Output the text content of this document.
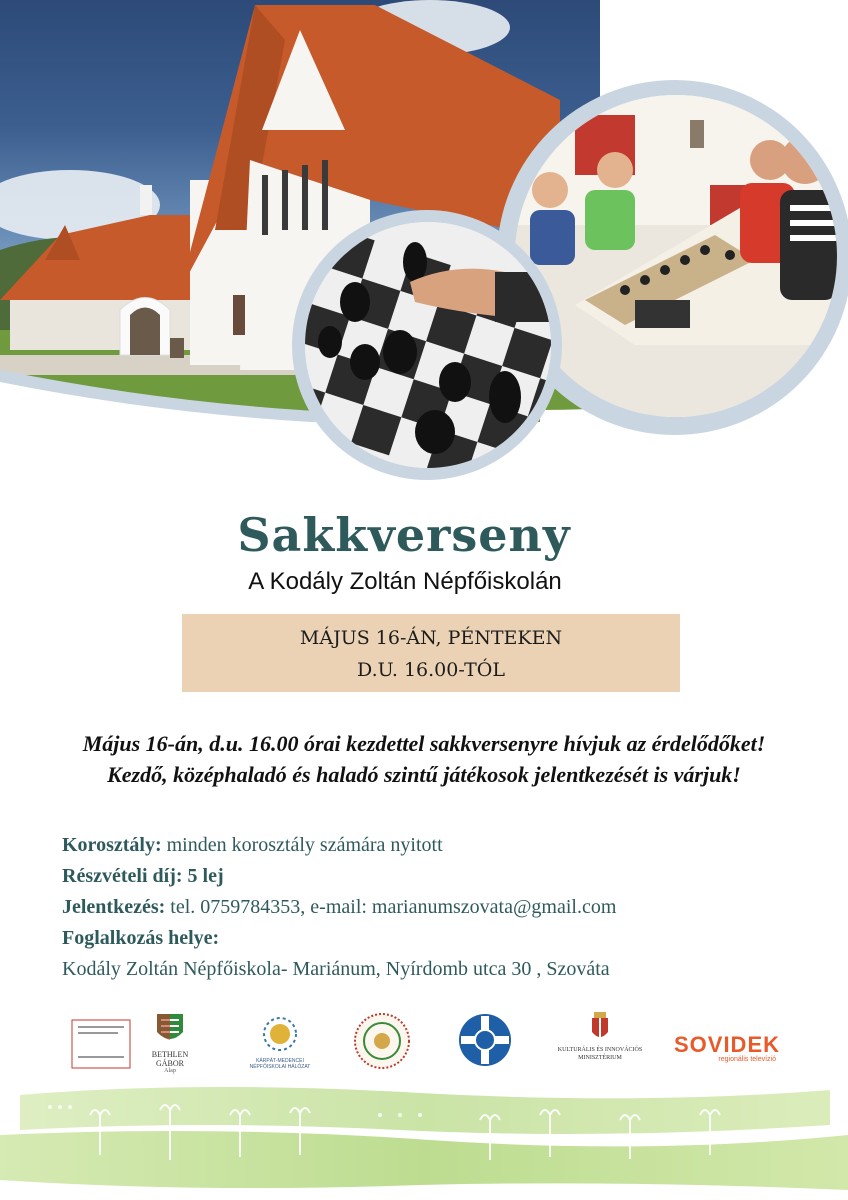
Sakkverseny
A Kodály Zoltán Népfőiskolán
MÁJUS 16-ÁN, PÉNTEKEN
D.U. 16.00-TÓL
Május 16-án, d.u. 16.00 órai kezdettel sakkversenyre hívjuk az érdelődőket!
Kezdő, középhaladó és haladó szintű játékosok jelentkezését is várjuk!
Korosztály: minden korosztály számára nyitott
Részvételi díj: 5 lej
Jelentkezés: tel. 0759784353, e-mail: marianumszovata@gmail.com
Foglalkozás helye:
Kodály Zoltán Népfőiskola- Mariánum, Nyírdomb utca 30 , Szováta
BETHLEN GÁBOR
Alap
KÁRPÁT-MEDENCEI NÉPFŐISKOLAI HÁLÓZAT
KULTURÁLIS ÉS INNOVÁCIÓS MINISZTÉRIUM
SOVIDEK
regionális televízió
